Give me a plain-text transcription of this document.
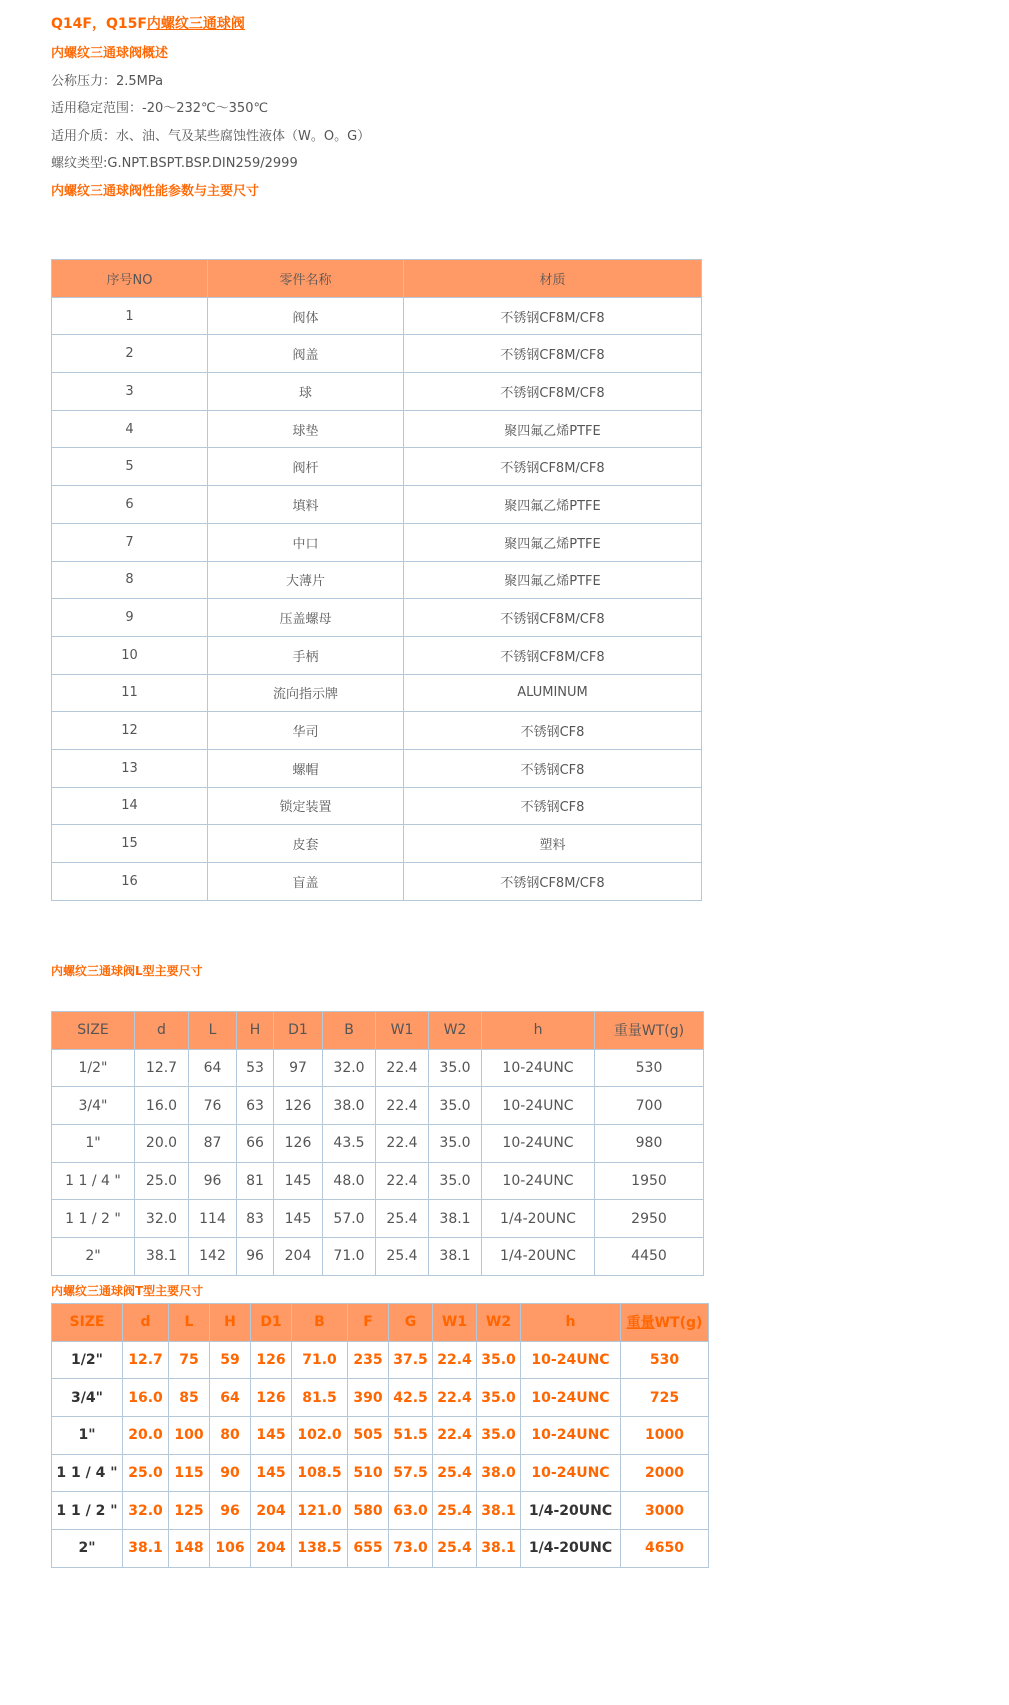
Q14F，Q15F内螺纹三通球阀
内螺纹三通球阀概述
公称压力：2.5MPa
适用稳定范围：-20～232℃～350℃
适用介质：水、油、气及某些腐蚀性液体（W。O。G）
螺纹类型:G.NPT.BSPT.BSP.DIN259/2999
内螺纹三通球阀性能参数与主要尺寸
序号NO	零件名称	材质
1	阀体	不锈钢CF8M/CF8
2	阀盖	不锈钢CF8M/CF8
3	球	不锈钢CF8M/CF8
4	球垫	聚四氟乙烯PTFE
5	阀杆	不锈钢CF8M/CF8
6	填料	聚四氟乙烯PTFE
7	中口	聚四氟乙烯PTFE
8	大薄片	聚四氟乙烯PTFE
9	压盖螺母	不锈钢CF8M/CF8
10	手柄	不锈钢CF8M/CF8
11	流向指示牌	ALUMINUM
12	华司	不锈钢CF8
13	螺帽	不锈钢CF8
14	锁定装置	不锈钢CF8
15	皮套	塑料
16	盲盖	不锈钢CF8M/CF8
内螺纹三通球阀L型主要尺寸
SIZE	d	L	H	D1	B	W1	W2	h	重量WT(g)
1/2"	12.7	64	53	97	32.0	22.4	35.0	10-24UNC	530
3/4"	16.0	76	63	126	38.0	22.4	35.0	10-24UNC	700
1"	20.0	87	66	126	43.5	22.4	35.0	10-24UNC	980
1 1 / 4 "	25.0	96	81	145	48.0	22.4	35.0	10-24UNC	1950
1 1 / 2 "	32.0	114	83	145	57.0	25.4	38.1	1/4-20UNC	2950
2"	38.1	142	96	204	71.0	25.4	38.1	1/4-20UNC	4450
内螺纹三通球阀T型主要尺寸
SIZE	d	L	H	D1	B	F	G	W1	W2	h	重量WT(g)
1/2"	12.7	75	59	126	71.0	235	37.5	22.4	35.0	10-24UNC	530
3/4"	16.0	85	64	126	81.5	390	42.5	22.4	35.0	10-24UNC	725
1"	20.0	100	80	145	102.0	505	51.5	22.4	35.0	10-24UNC	1000
1 1 / 4 "	25.0	115	90	145	108.5	510	57.5	25.4	38.0	10-24UNC	2000
1 1 / 2 "	32.0	125	96	204	121.0	580	63.0	25.4	38.1	1/4-20UNC	3000
2"	38.1	148	106	204	138.5	655	73.0	25.4	38.1	1/4-20UNC	4650
